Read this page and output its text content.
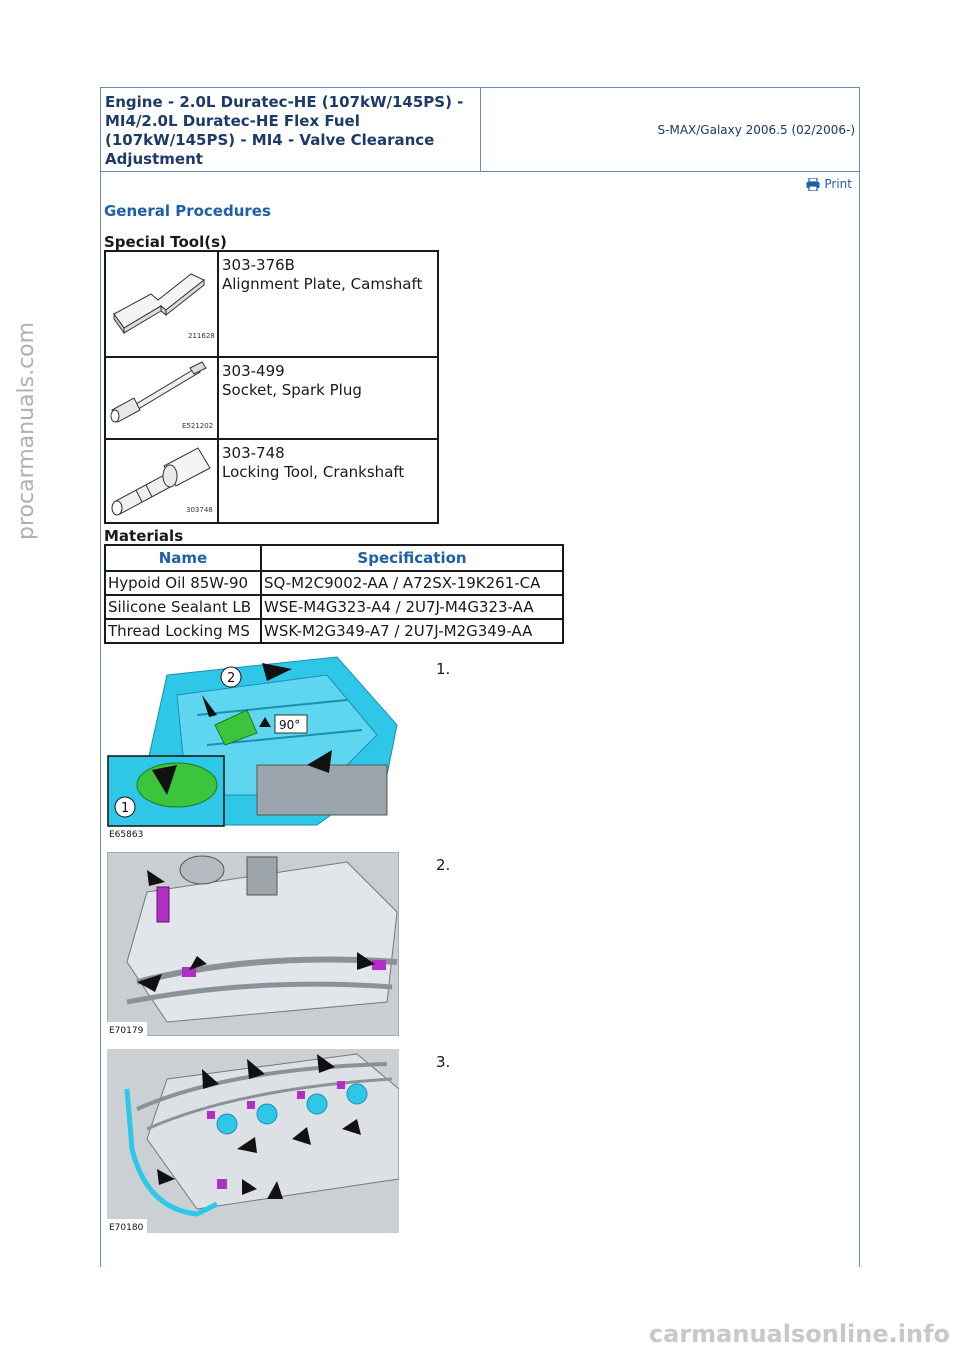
Engine - 2.0L Duratec-HE (107kW/145PS) - MI4/2.0L Duratec-HE Flex Fuel (107kW/145PS) - MI4 - Valve Clearance Adjustment
S-MAX/Galaxy 2006.5 (02/2006-)
Print
General Procedures
Special Tool(s)
211628	303-376B
Alignment Plate, Camshaft

E521202	303-499
Socket, Spark Plug

303748	303-748
Locking Tool, Crankshaft
Materials
Name	Specification
Hypoid Oil 85W-90	SQ-M2C9002-AA / A72SX-19K261-CA
Silicone Sealant LB	WSE-M4G323-A4 / 2U7J-M4G323-AA
Thread Locking MS	WSK-M2G349-A7 / 2U7J-M2G349-AA
90°
2
1
E65863
1.
E70179
2.
E70180
3.
procarmanuals.com
carmanualsonline.info
